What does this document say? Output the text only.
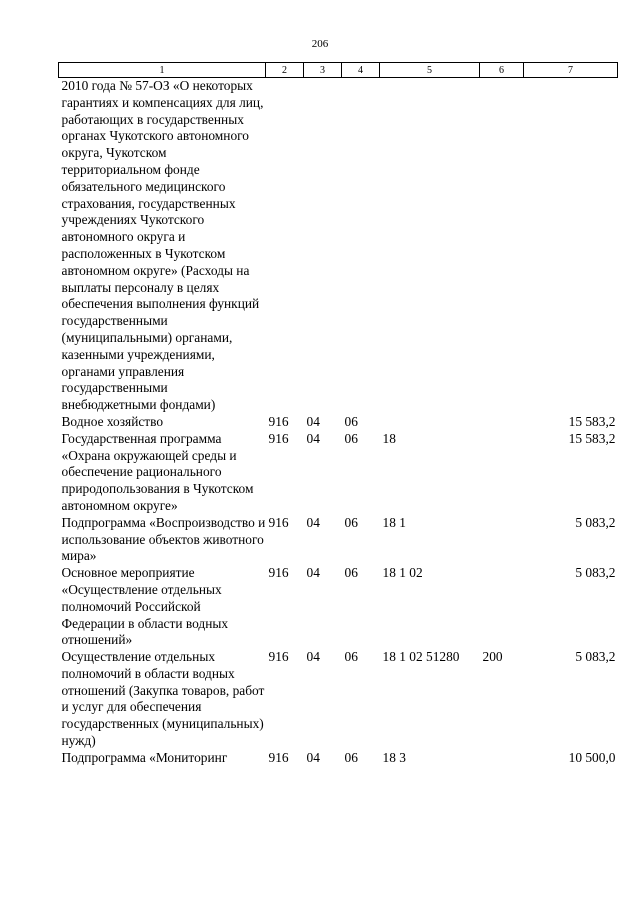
206
1	2	3	4	5	6	7
2010 года № 57-ОЗ «О некоторых гарантиях и компенсациях для лиц, работающих в государственных органах Чукотского автономного округа, Чукотском территориальном фонде обязательного медицинского страхования, государственных учреждениях Чукотского автономного округа и расположенных в Чукотском автономном округе» (Расходы на выплаты персоналу в целях обеспечения выполнения функций государственными (муниципальными) органами, казенными учреждениями, органами управления государственными внебюджетными фондами)						
Водное хозяйство	916	04	06			15 583,2
Государственная программа «Охрана окружающей среды и обеспечение рационального природопользования в Чукотском автономном округе»	916	04	06	18		15 583,2
Подпрограмма «Воспроизводство и использование объектов животного мира»	916	04	06	18 1		5 083,2
Основное мероприятие «Осуществление отдельных полномочий Российской Федерации в области водных отношений»	916	04	06	18 1 02		5 083,2
Осуществление отдельных полномочий в области водных отношений (Закупка товаров, работ и услуг для обеспечения государственных (муниципальных) нужд)	916	04	06	18 1 02 51280	200	5 083,2
Подпрограмма «Мониторинг	916	04	06	18 3		10 500,0
